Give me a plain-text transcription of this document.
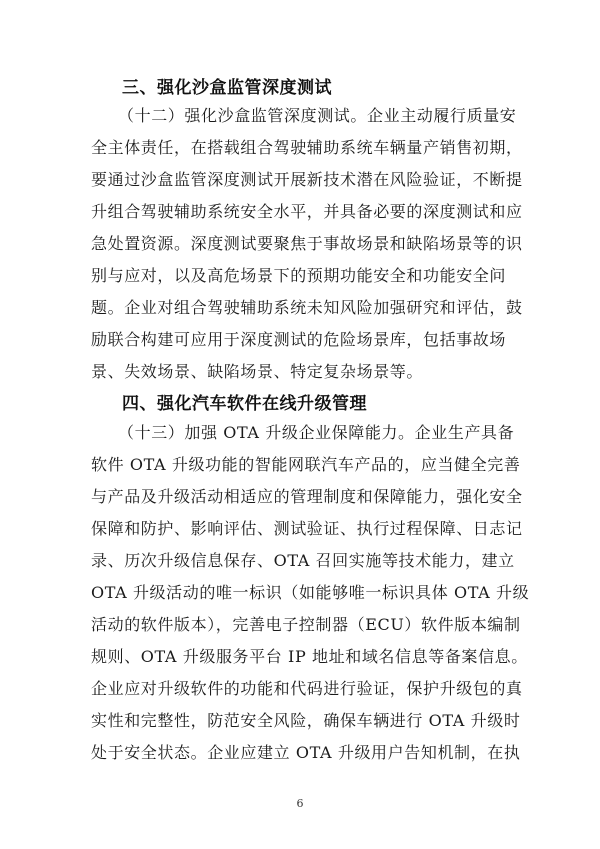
三、强化沙盒监管深度测试
（十二）强化沙盒监管深度测试。企业主动履行质量安
全主体责任，在搭载组合驾驶辅助系统车辆量产销售初期，
要通过沙盒监管深度测试开展新技术潜在风险验证，不断提
升组合驾驶辅助系统安全水平，并具备必要的深度测试和应
急处置资源。深度测试要聚焦于事故场景和缺陷场景等的识
别与应对，以及高危场景下的预期功能安全和功能安全问
题。企业对组合驾驶辅助系统未知风险加强研究和评估，鼓
励联合构建可应用于深度测试的危险场景库，包括事故场
景、失效场景、缺陷场景、特定复杂场景等。
四、强化汽车软件在线升级管理
（十三）加强 OTA 升级企业保障能力。企业生产具备
软件 OTA 升级功能的智能网联汽车产品的，应当健全完善
与产品及升级活动相适应的管理制度和保障能力，强化安全
保障和防护、影响评估、测试验证、执行过程保障、日志记
录、历次升级信息保存、OTA 召回实施等技术能力，建立
OTA 升级活动的唯一标识（如能够唯一标识具体 OTA 升级
活动的软件版本），完善电子控制器（ECU）软件版本编制
规则、OTA 升级服务平台 IP 地址和域名信息等备案信息。
企业应对升级软件的功能和代码进行验证，保护升级包的真
实性和完整性，防范安全风险，确保车辆进行 OTA 升级时
处于安全状态。企业应建立 OTA 升级用户告知机制，在执
6
